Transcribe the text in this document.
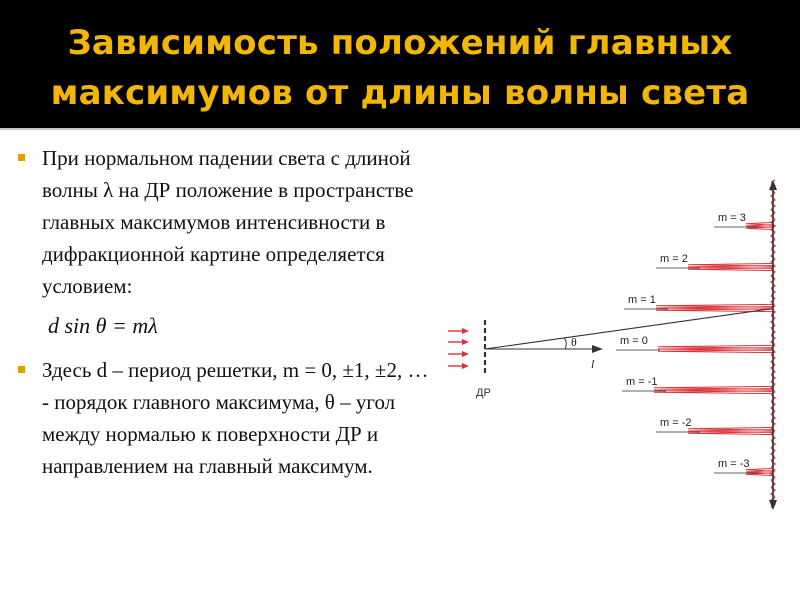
Зависимость положений главных
максимумов от длины волны света
При нормальном падении света с длиной волны λ на ДР положение в пространстве главных максимумов интенсивности в дифракционной картине определяется условием:
d sin θ = mλ
Здесь d – период решетки, m = 0, ±1, ±2, … - порядок главного максимума, θ – угол между нормалью к поверхности ДР и направлением на главный максимум.
m = 3
m = 2
m = 1
m = 0
m = -1
m = -2
m = -3
ДР
θ
l
